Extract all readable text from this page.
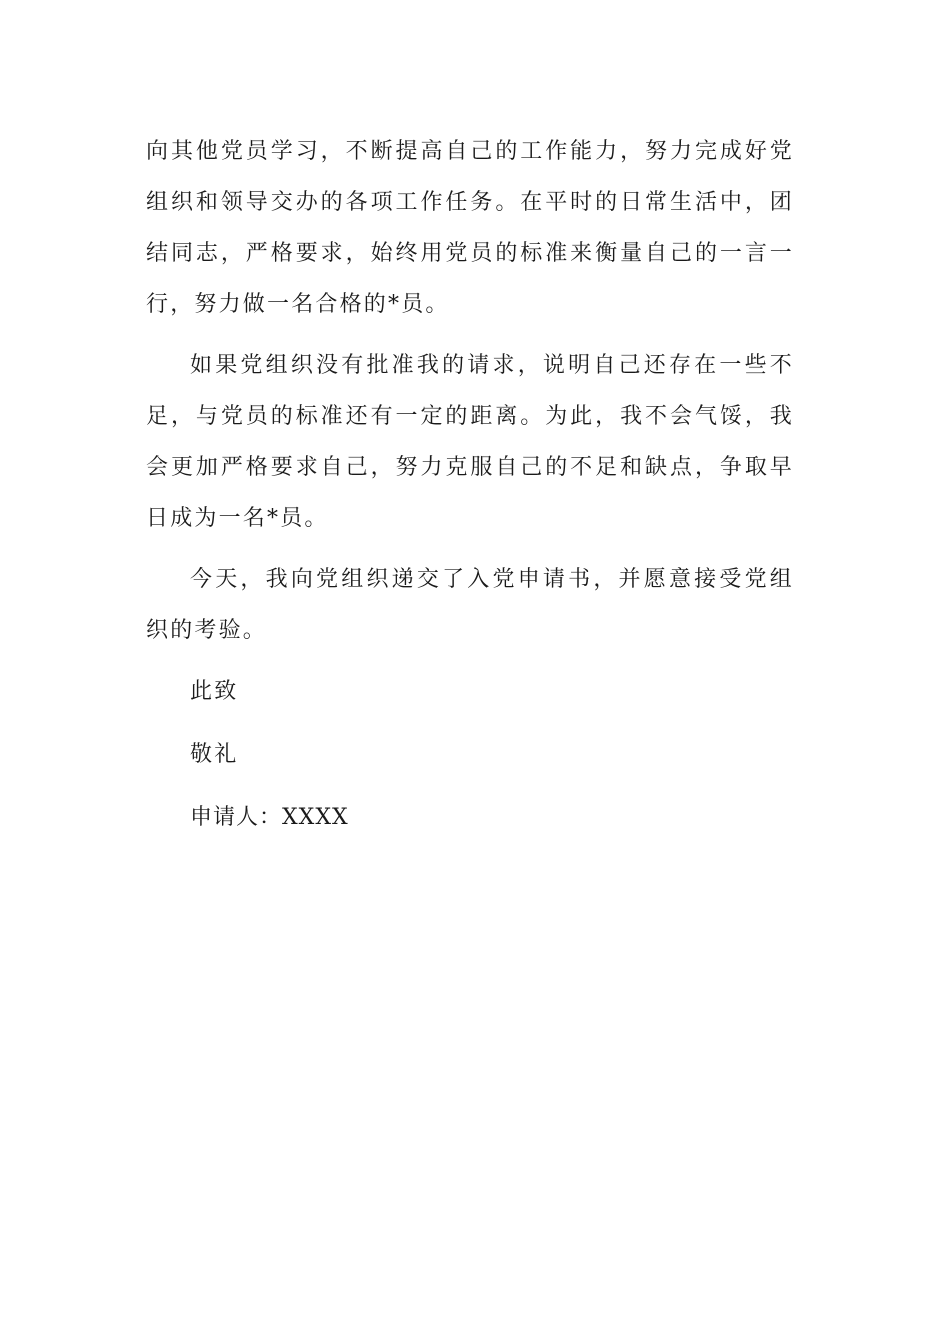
向其他党员学习，不断提高自己的工作能力，努力完成好党组织和领导交办的各项工作任务。在平时的日常生活中，团结同志，严格要求，始终用党员的标准来衡量自己的一言一行，努力做一名合格的*员。

如果党组织没有批准我的请求，说明自己还存在一些不足，与党员的标准还有一定的距离。为此，我不会气馁，我会更加严格要求自己，努力克服自己的不足和缺点，争取早日成为一名*员。

今天，我向党组织递交了入党申请书，并愿意接受党组织的考验。

此致

敬礼

申请人：XXXX
